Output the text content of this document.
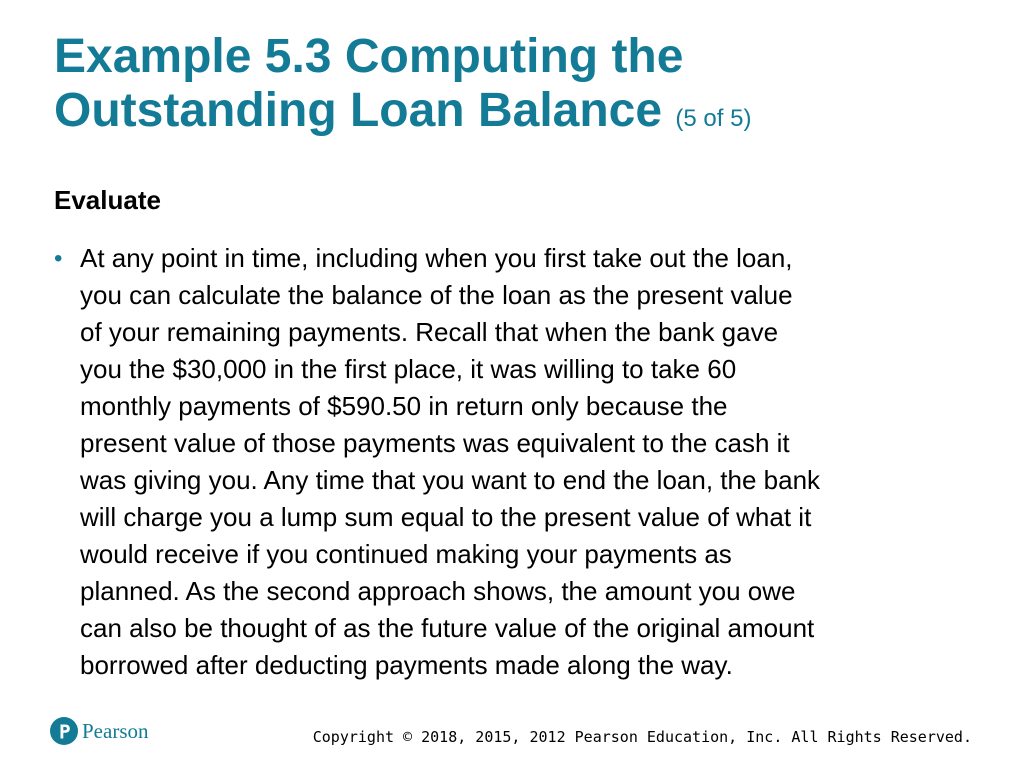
Example 5.3 Computing the
Outstanding Loan Balance (5 of 5)
Evaluate
• At any point in time, including when you first take out the loan,
you can calculate the balance of the loan as the present value
of your remaining payments. Recall that when the bank gave
you the $30,000 in the first place, it was willing to take 60
monthly payments of $590.50 in return only because the
present value of those payments was equivalent to the cash it
was giving you. Any time that you want to end the loan, the bank
will charge you a lump sum equal to the present value of what it
would receive if you continued making your payments as
planned. As the second approach shows, the amount you owe
can also be thought of as the future value of the original amount
borrowed after deducting payments made along the way.
Pearson	Copyright © 2018, 2015, 2012 Pearson Education, Inc. All Rights Reserved.
